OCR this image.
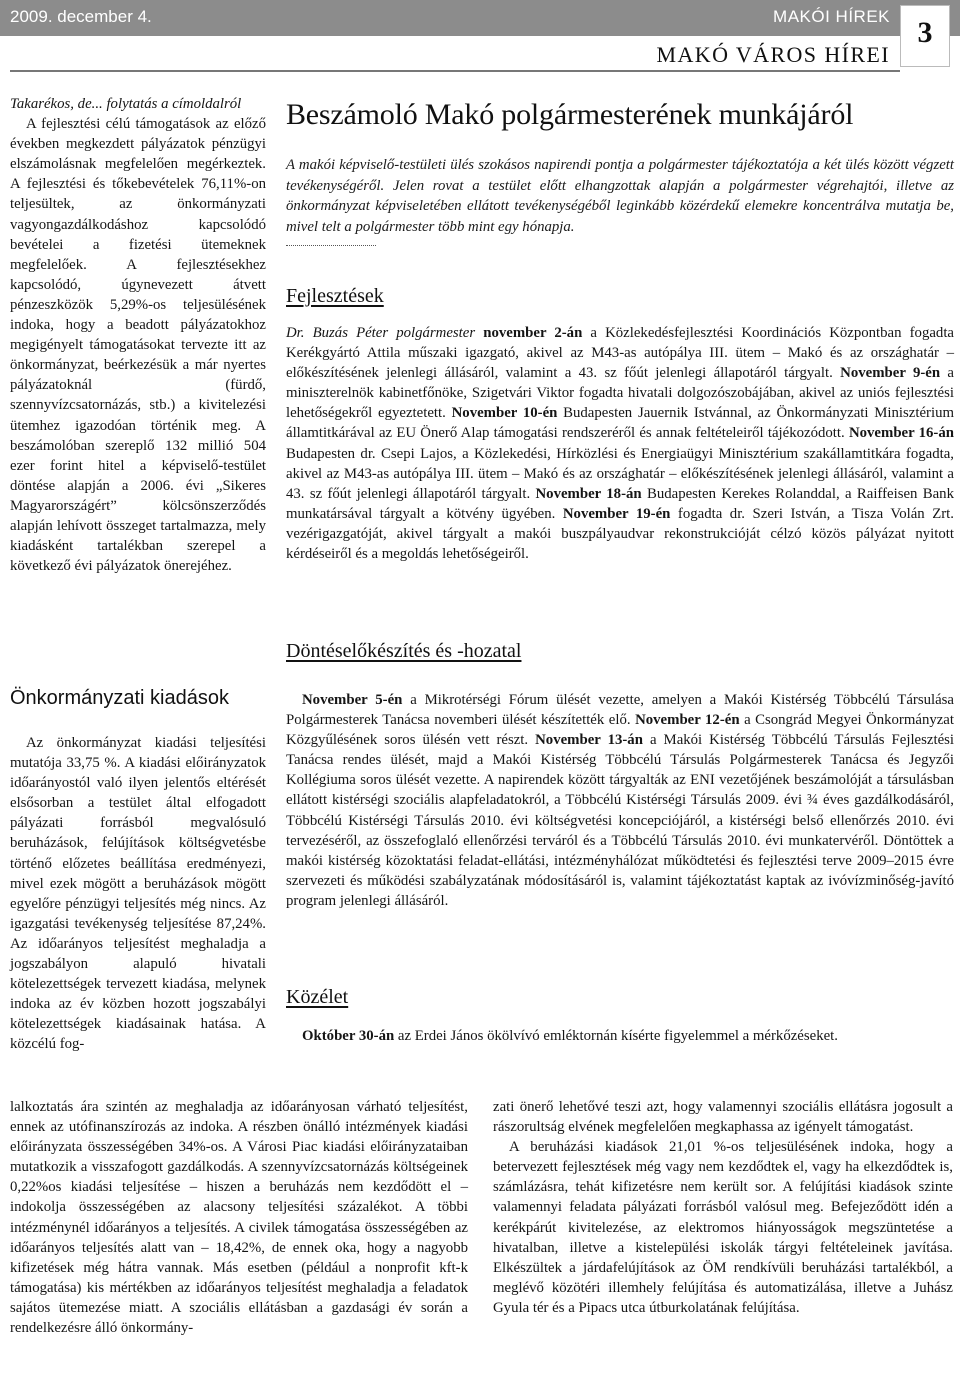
2009. december 4.	MAKÓI HÍREK 3
MAKÓ VÁROS HÍREI

Takarékos, de... folytatás a címoldalról

A fejlesztési célú támogatások az előző években megkezdett pályázatok pénzügyi elszámolásnak megfelelően megérkeztek. A fejlesztési és tőkebevételek 76,11%-on teljesültek, az önkormányzati vagyongazdálkodáshoz kapcsolódó bevételei a fizetési ütemeknek megfelelőek. A fejlesztésekhez kapcsolódó, úgynevezett átvett pénzeszközök 5,29%-os teljesülésének indoka, hogy a beadott pályázatokhoz megigényelt támogatásokat tervezte itt az önkormányzat, beérkezésük a már nyertes pályázatoknál (fürdő, szennyvízcsatornázás, stb.) a kivitelezési ütemhez igazodóan történik meg. A beszámolóban szereplő 132 millió 504 ezer forint hitel a képviselő-testület döntése alapján a 2006. évi „Sikeres Magyarországért” kölcsönszerződés alapján lehívott összeget tartalmazza, mely kiadásként tartalékban szerepel a következő évi pályázatok önerejéhez.

Önkormányzati kiadások

Az önkormányzat kiadási teljesítési mutatója 33,75 %. A kiadási előirányzatok időarányostól való ilyen jelentős eltérését elsősorban a testület által elfogadott pályázati forrásból megvalósuló beruházások, felújítások költségvetésbe történő előzetes beállítása eredményezi, mivel ezek mögött a beruházások mögött egyelőre pénzügyi teljesítés még nincs. Az igazgatási tevékenység teljesítése 87,24%. Az időarányos teljesítést meghaladja a jogszabályon alapuló hivatali kötelezettségek tervezett kiadása, melynek indoka az év közben hozott jogszabályi kötelezettségek kiadásainak hatása. A közcélú fog-

Beszámoló Makó polgármesterének munkájáról
A makói képviselő-testületi ülés szokásos napirendi pontja a polgármester tájékoztatója a két ülés között végzett tevékenységéről. Jelen rovat a testület előtt elhangzottak alapján a polgármester végrehajtói, illetve az önkormányzat képviseletében ellátott tevékenységéből leginkább közérdekű elemekre koncentrálva mutatja be, mivel telt a polgármester több mint egy hónapja.
Fejlesztések

Dr. Buzás Péter polgármester november 2-án a Közlekedésfejlesztési Koordinációs Központban fogadta Kerékgyártó Attila műszaki igazgató, akivel az M43-as autópálya III. ütem – Makó és az országhatár – előkészítésének jelenlegi állásáról, valamint a 43. sz főút jelenlegi állapotáról tárgyalt. November 9-én a miniszterelnök kabinetfőnöke, Szigetvári Viktor fogadta hivatali dolgozószobájában, akivel az uniós fejlesztési lehetőségekről egyeztetett. November 10-én Budapesten Jauernik Istvánnal, az Önkormányzati Minisztérium államtitkárával az EU Önerő Alap támogatási rendszeréről és annak feltételeiről tájékozódott. November 16-án Budapesten dr. Csepi Lajos, a Közlekedési, Hírközlési és Energiaügyi Minisztérium szakállamtitkára fogadta, akivel az M43-as autópálya III. ütem – Makó és az országhatár – előkészítésének jelenlegi állásáról, valamint a 43. sz főút jelenlegi állapotáról tárgyalt. November 18-án Budapesten Kerekes Rolanddal, a Raiffeisen Bank munkatársával tárgyalt a kötvény ügyében. November 19-én fogadta dr. Szeri István, a Tisza Volán Zrt. vezérigazgatóját, akivel tárgyalt a makói buszpályaudvar rekonstrukcióját célzó közös pályázat nyitott kérdéseiről és a megoldás lehetőségeiről.

Döntéselőkészítés és -hozatal

November 5-én a Mikrotérségi Fórum ülését vezette, amelyen a Makói Kistérség Többcélú Társulása Polgármesterek Tanácsa novemberi ülését készítették elő. November 12-én a Csongrád Megyei Önkormányzat Közgyűlésének soros ülésén vett részt. November 13-án a Makói Kistérség Többcélú Társulás Fejlesztési Tanácsa rendes ülését, majd a Makói Kistérség Többcélú Társulás Polgármesterek Tanácsa és Jegyzői Kollégiuma soros ülését vezette. A napirendek között tárgyalták az ENI vezetőjének beszámolóját a társulásban ellátott kistérségi szociális alapfeladatokról, a Többcélú Kistérségi Társulás 2009. évi ¾ éves gazdálkodásáról, Többcélú Kistérségi Társulás 2010. évi költségvetési koncepciójáról, a kistérségi belső ellenőrzés 2010. évi tervezéséről, az összefoglaló ellenőrzési terváról és a Többcélú Társulás 2010. évi munkatervéről. Döntöttek a makói kistérség közoktatási feladat-ellátási, intézményhálózat működtetési és fejlesztési terve 2009–2015 évre szervezeti és működési szabályzatának módosításáról is, valamint tájékoztatást kaptak az ivóvízminőség-javító program jelenlegi állásáról.

Közélet

Október 30-án az Erdei János ökölvívó emléktornán kísérte figyelemmel a mérkőzéseket.

lalkoztatás ára szintén az meghaladja az időarányosan várható teljesítést, ennek az utófinanszírozás az indoka. A részben önálló intézmények kiadási előirányzata összességében 34%-os. A Városi Piac kiadási előirányzataiban mutatkozik a visszafogott gazdálkodás. A szennyvízcsatornázás költségeinek 0,22%os kiadási teljesítése – hiszen a beruházás nem kezdődött el – indokolja összességében az alacsony teljesítési százalékot. A többi intézménynél időarányos a teljesítés. A civilek támogatása összességében az időarányos teljesítés alatt van – 18,42%, de ennek oka, hogy a nagyobb kifizetések még hátra vannak. Más esetben (például a nonprofit kft-k támogatása) kis mértékben az időarányos teljesítést meghaladja a feladatok sajátos ütemezése miatt. A szociális ellátásban a gazdasági év során a rendelkezésre álló önkormány-

zati önerő lehetővé teszi azt, hogy valamennyi szociális ellátásra jogosult a rászorultság elvének megfelelően megkaphassa az igényelt támogatást.

A beruházási kiadások 21,01 %-os teljesülésének indoka, hogy a betervezett fejlesztések még vagy nem kezdődtek el, vagy ha elkezdődtek is, számlázásra, tehát kifizetésre nem került sor. A felújítási kiadások szinte valamennyi feladata pályázati forrásból valósul meg. Befejeződött idén a kerékpárút kivitelezése, az elektromos hiányosságok megszüntetése a hivatalban, illetve a kistelepülési iskolák tárgyi feltételeinek javítása. Elkészültek a járdafelújítások az ÖM rendkívüli beruházási tartalékból, a meglévő közötéri illemhely felújítása és automatizálása, illetve a Juhász Gyula tér és a Pipacs utca útburkolatának felújítása.
